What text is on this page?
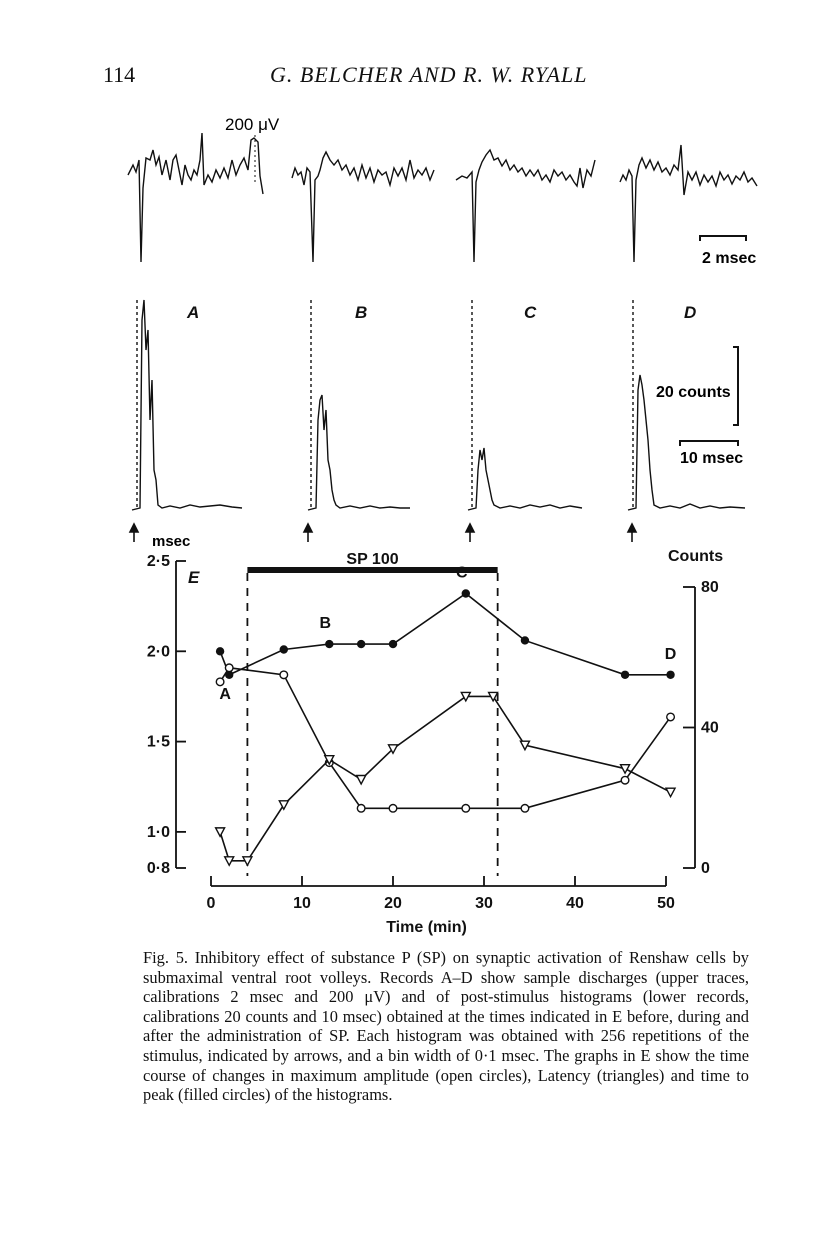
114	G. BELCHER AND R. W. RYALL
200 μV
2 msec
A	B	C	D
20 counts
10 msec
msec
0·8
1·0
1·5
2·0
2·5
E
0
40
80
Counts
0	10	20	30	40	50
Time (min)
SP 100
A
B
C
D
Fig. 5. Inhibitory effect of substance P (SP) on synaptic activation of Renshaw cells by submaximal ventral root volleys. Records A–D show sample discharges (upper traces, calibrations 2 msec and 200 μV) and of post-stimulus histograms (lower records, calibrations 20 counts and 10 msec) obtained at the times indicated in E before, during and after the administration of SP. Each histogram was obtained with 256 repetitions of the stimulus, indicated by arrows, and a bin width of 0·1 msec. The graphs in E show the time course of changes in maximum amplitude (open circles), Latency (triangles) and time to peak (filled circles) of the histograms.
